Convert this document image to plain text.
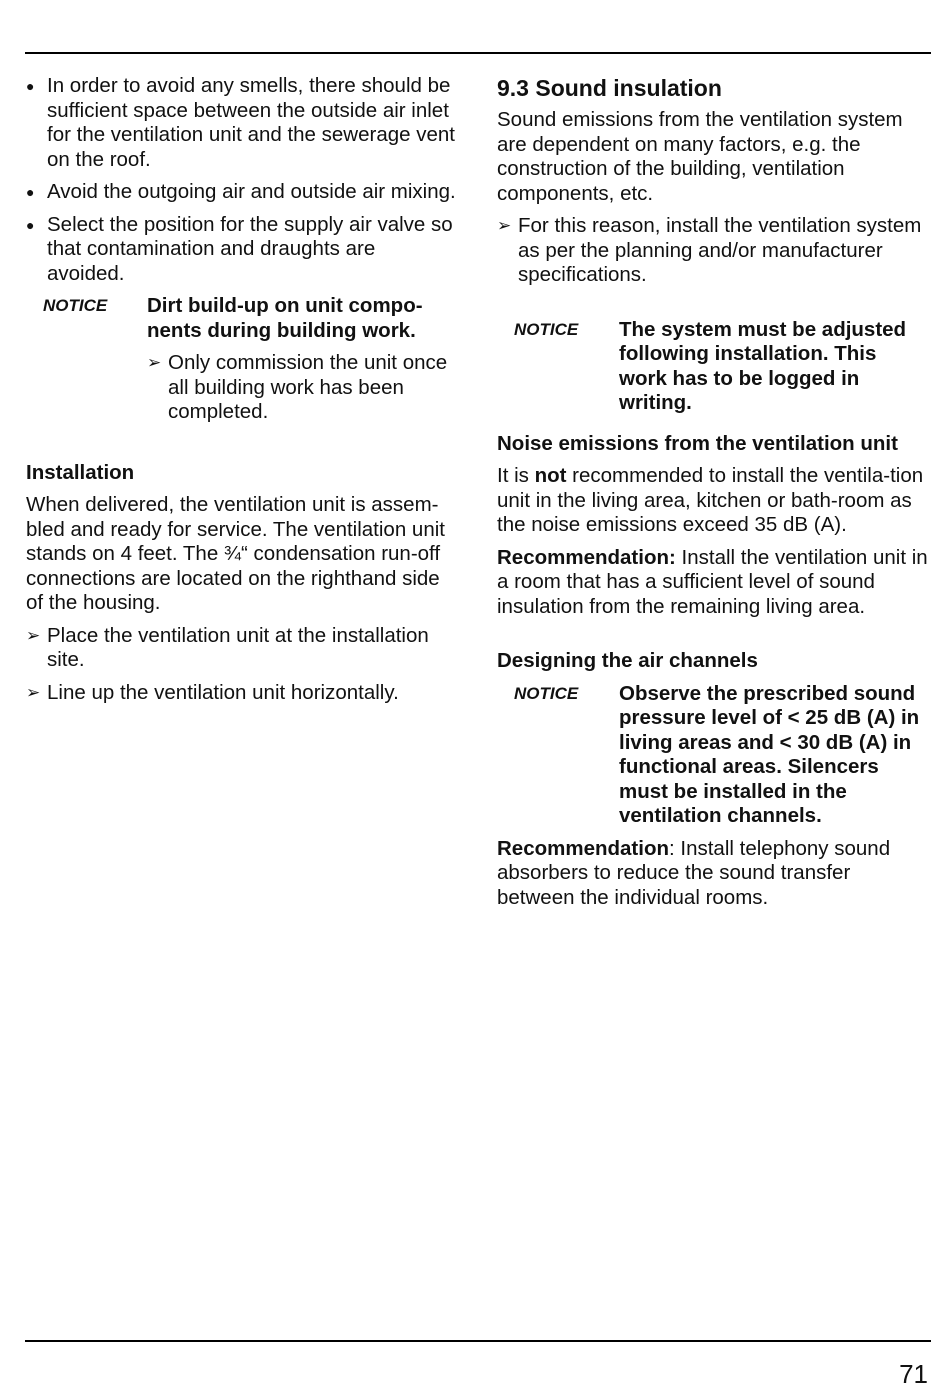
● In order to avoid any smells, there should be sufficient space between the outside air inlet for the ventilation unit and the sewerage vent on the roof.

● Avoid the outgoing air and outside air mixing.

● Select the position for the supply air valve so that contamination and draughts are avoided.

NOTICE	Dirt build-up on unit compo-nents during building work.

➢ Only commission the unit once all building work has been completed.

Installation

When delivered, the ventilation unit is assem-bled and ready for service. The ventilation unit stands on 4 feet. The ¾“ condensation run-off connections are located on the righthand side of the housing.

➢ Place the ventilation unit at the installation site.

➢ Line up the ventilation unit horizontally.

9.3 Sound insulation

Sound emissions from the ventilation system are dependent on many factors, e.g. the construction of the building, ventilation components, etc.

➢ For this reason, install the ventilation system as per the planning and/or manufacturer specifications.

NOTICE	The system must be adjusted following installation. This work has to be logged in writing.

Noise emissions from the ventilation unit

It is not recommended to install the ventila-tion unit in the living area, kitchen or bath-room as the noise emissions exceed 35 dB (A).

Recommendation: Install the ventilation unit in a room that has a sufficient level of sound insulation from the remaining living area.

Designing the air channels

NOTICE	Observe the prescribed sound pressure level of < 25 dB (A) in living areas and < 30 dB (A) in functional areas. Silencers must be installed in the ventilation channels.

Recommendation: Install telephony sound absorbers to reduce the sound transfer between the individual rooms.

71
